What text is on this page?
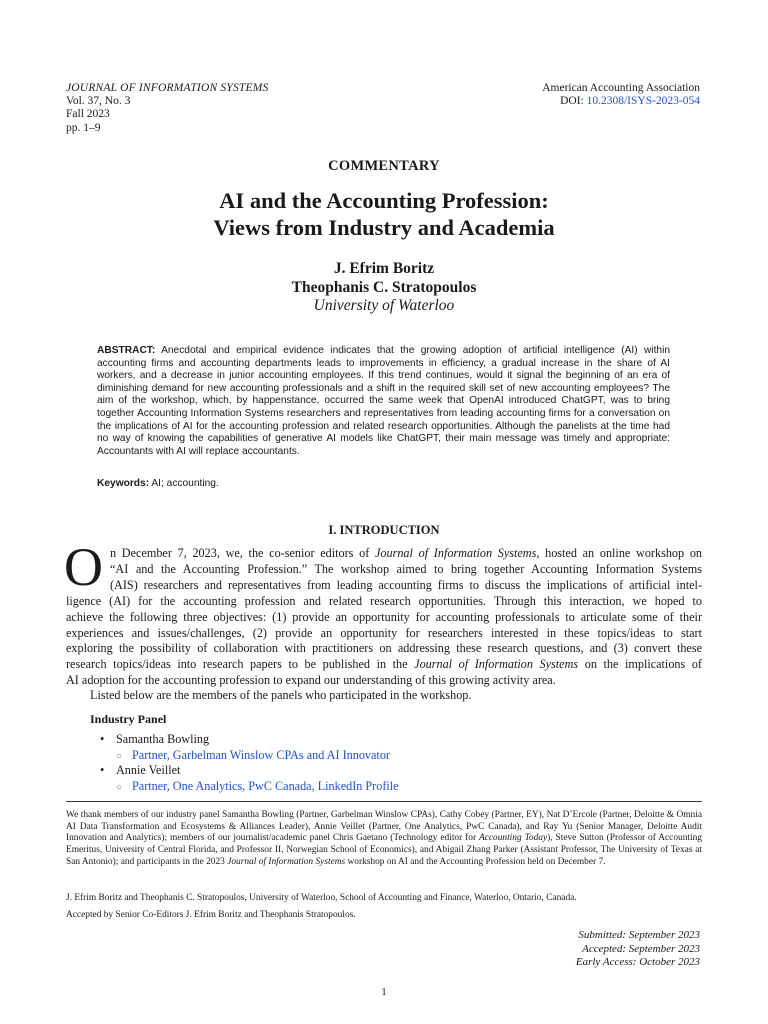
JOURNAL OF INFORMATION SYSTEMS
Vol. 37, No. 3
Fall 2023
pp. 1–9
American Accounting Association
DOI: 10.2308/ISYS-2023-054
COMMENTARY
AI and the Accounting Profession:
Views from Industry and Academia
J. Efrim Boritz
Theophanis C. Stratopoulos
University of Waterloo
ABSTRACT: Anecdotal and empirical evidence indicates that the growing adoption of artificial intelligence (AI) within accounting firms and accounting departments leads to improvements in efficiency, a gradual increase in the share of AI workers, and a decrease in junior accounting employees. If this trend continues, would it signal the beginning of an era of diminishing demand for new accounting professionals and a shift in the required skill set of new accounting employees? The aim of the workshop, which, by happenstance, occurred the same week that OpenAI introduced ChatGPT, was to bring together Accounting Information Systems researchers and representatives from leading accounting firms for a conversation on the implications of AI for the accounting profession and related research opportunities. Although the panelists at the time had no way of knowing the capabilities of generative AI models like ChatGPT, their main message was timely and appropriate: Accountants with AI will replace accountants.
Keywords: AI; accounting.
I. INTRODUCTION
O n December 7, 2023, we, the co-senior editors of Journal of Information Systems, hosted an online workshop on
“AI and the Accounting Profession.” The workshop aimed to bring together Accounting Information Systems
(AIS) researchers and representatives from leading accounting firms to discuss the implications of artificial intel-
ligence (AI) for the accounting profession and related research opportunities. Through this interaction, we hoped to
achieve the following three objectives: (1) provide an opportunity for accounting professionals to articulate some of their
experiences and issues/challenges, (2) provide an opportunity for researchers interested in these topics/ideas to start
exploring the possibility of collaboration with practitioners on addressing these research questions, and (3) convert these
research topics/ideas into research papers to be published in the Journal of Information Systems on the implications of
AI adoption for the accounting profession to expand our understanding of this growing activity area.
Listed below are the members of the panels who participated in the workshop.
Industry Panel
• Samantha Bowling
○ Partner, Garbelman Winslow CPAs and AI Innovator
• Annie Veillet
○ Partner, One Analytics, PwC Canada, LinkedIn Profile
We thank members of our industry panel Samantha Bowling (Partner, Garbelman Winslow CPAs), Cathy Cobey (Partner, EY), Nat D’Ercole (Partner, Deloitte & Omnia AI Data Transformation and Ecosystems & Alliances Leader), Annie Veillet (Partner, One Analytics, PwC Canada), and Ray Yu (Senior Manager, Deloitte Audit Innovation and Analytics); members of our journalist/academic panel Chris Gaetano (Technology editor for Accounting Today), Steve Sutton (Professor of Accounting Emeritus, University of Central Florida, and Professor II, Norwegian School of Economics), and Abigail Zhang Parker (Assistant Professor, The University of Texas at San Antonio); and participants in the 2023 Journal of Information Systems workshop on AI and the Accounting Profession held on December 7.
J. Efrim Boritz and Theophanis C. Stratopoulos, University of Waterloo, School of Accounting and Finance, Waterloo, Ontario, Canada.
Accepted by Senior Co-Editors J. Efrim Boritz and Theophanis Stratopoulos.
Submitted: September 2023
Accepted: September 2023
Early Access: October 2023
1
